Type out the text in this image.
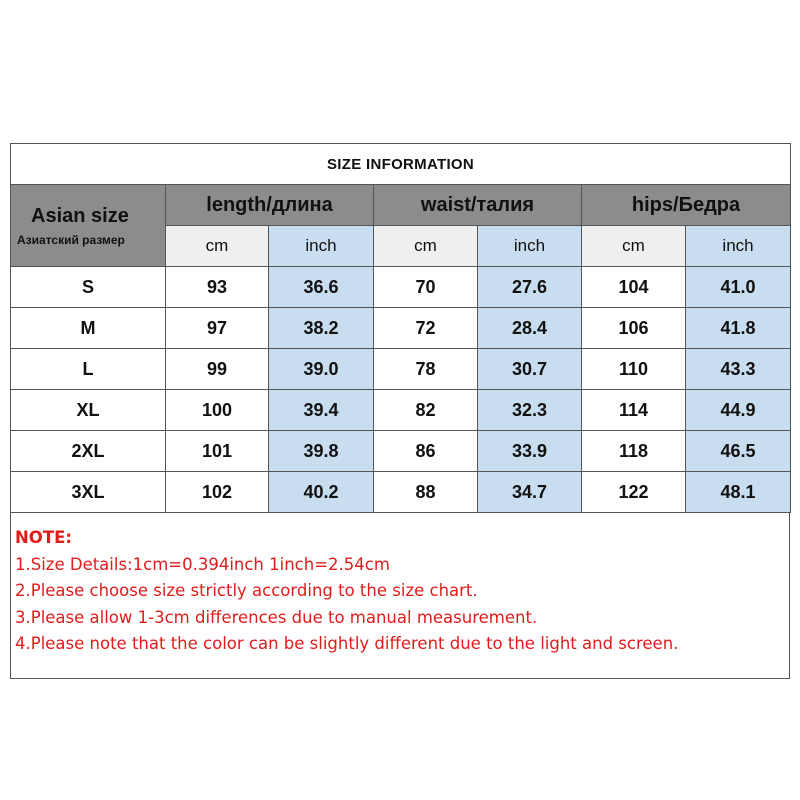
SIZE INFORMATION						

Asian size
Азиатский размер	length/длина		waist/талия		hips/Бедра	
	cm	inch	cm	inch	cm	inch
S	93	36.6	70	27.6	104	41.0
M	97	38.2	72	28.4	106	41.8
L	99	39.0	78	30.7	110	43.3
XL	100	39.4	82	32.3	114	44.9
2XL	101	39.8	86	33.9	118	46.5
3XL	102	40.2	88	34.7	122	48.1
NOTE:
1.Size Details:1cm=0.394inch 1inch=2.54cm
2.Please choose size strictly according to the size chart.
3.Please allow 1-3cm differences due to manual measurement.
4.Please note that the color can be slightly different due to the light and screen.
